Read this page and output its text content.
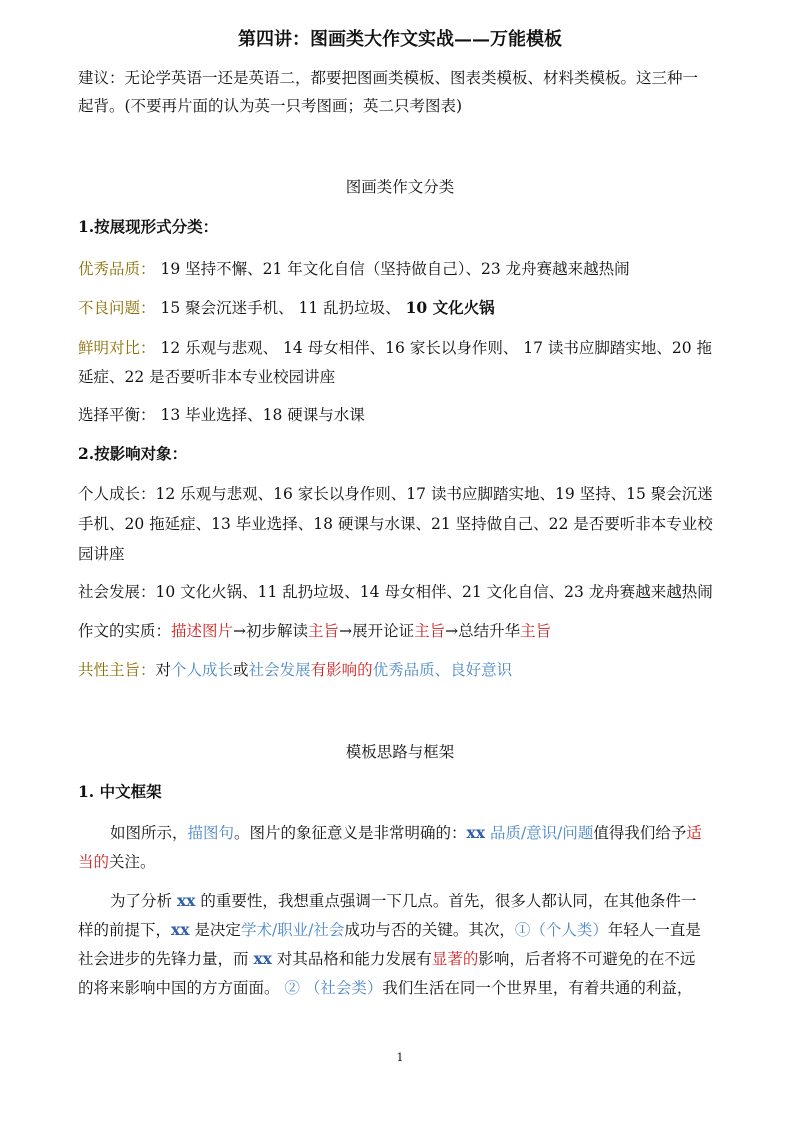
第四讲：图画类大作文实战——万能模板
建议：无论学英语一还是英语二，都要把图画类模板、图表类模板、材料类模板。这三种一
起背。(不要再片面的认为英一只考图画；英二只考图表)
图画类作文分类
1.按展现形式分类：
优秀品质： 19 坚持不懈、21 年文化自信（坚持做自己）、23 龙舟赛越来越热闹
不良问题： 15 聚会沉迷手机、 11 乱扔垃圾、 10 文化火锅
鲜明对比： 12 乐观与悲观、 14 母女相伴、16 家长以身作则、 17 读书应脚踏实地、20 拖
延症、22 是否要听非本专业校园讲座
选择平衡： 13 毕业选择、18 硬课与水课
2.按影响对象：
个人成长：12 乐观与悲观、16 家长以身作则、17 读书应脚踏实地、19 坚持、15 聚会沉迷
手机、20 拖延症、13 毕业选择、18 硬课与水课、21 坚持做自己、22 是否要听非本专业校
园讲座
社会发展：10 文化火锅、11 乱扔垃圾、14 母女相伴、21 文化自信、23 龙舟赛越来越热闹
作文的实质：描述图片→初步解读主旨→展开论证主旨→总结升华主旨
共性主旨：对个人成长或社会发展有影响的优秀品质、良好意识
模板思路与框架
1. 中文框架
如图所示，描图句。图片的象征意义是非常明确的：xx 品质/意识/问题值得我们给予适
当的关注。
为了分析 xx 的重要性，我想重点强调一下几点。首先，很多人都认同，在其他条件一
样的前提下，xx 是决定学术/职业/社会成功与否的关键。其次，①（个人类）年轻人一直是
社会进步的先锋力量，而 xx 对其品格和能力发展有显著的影响，后者将不可避免的在不远
的将来影响中国的方方面面。 ② （社会类）我们生活在同一个世界里，有着共通的利益，
1
